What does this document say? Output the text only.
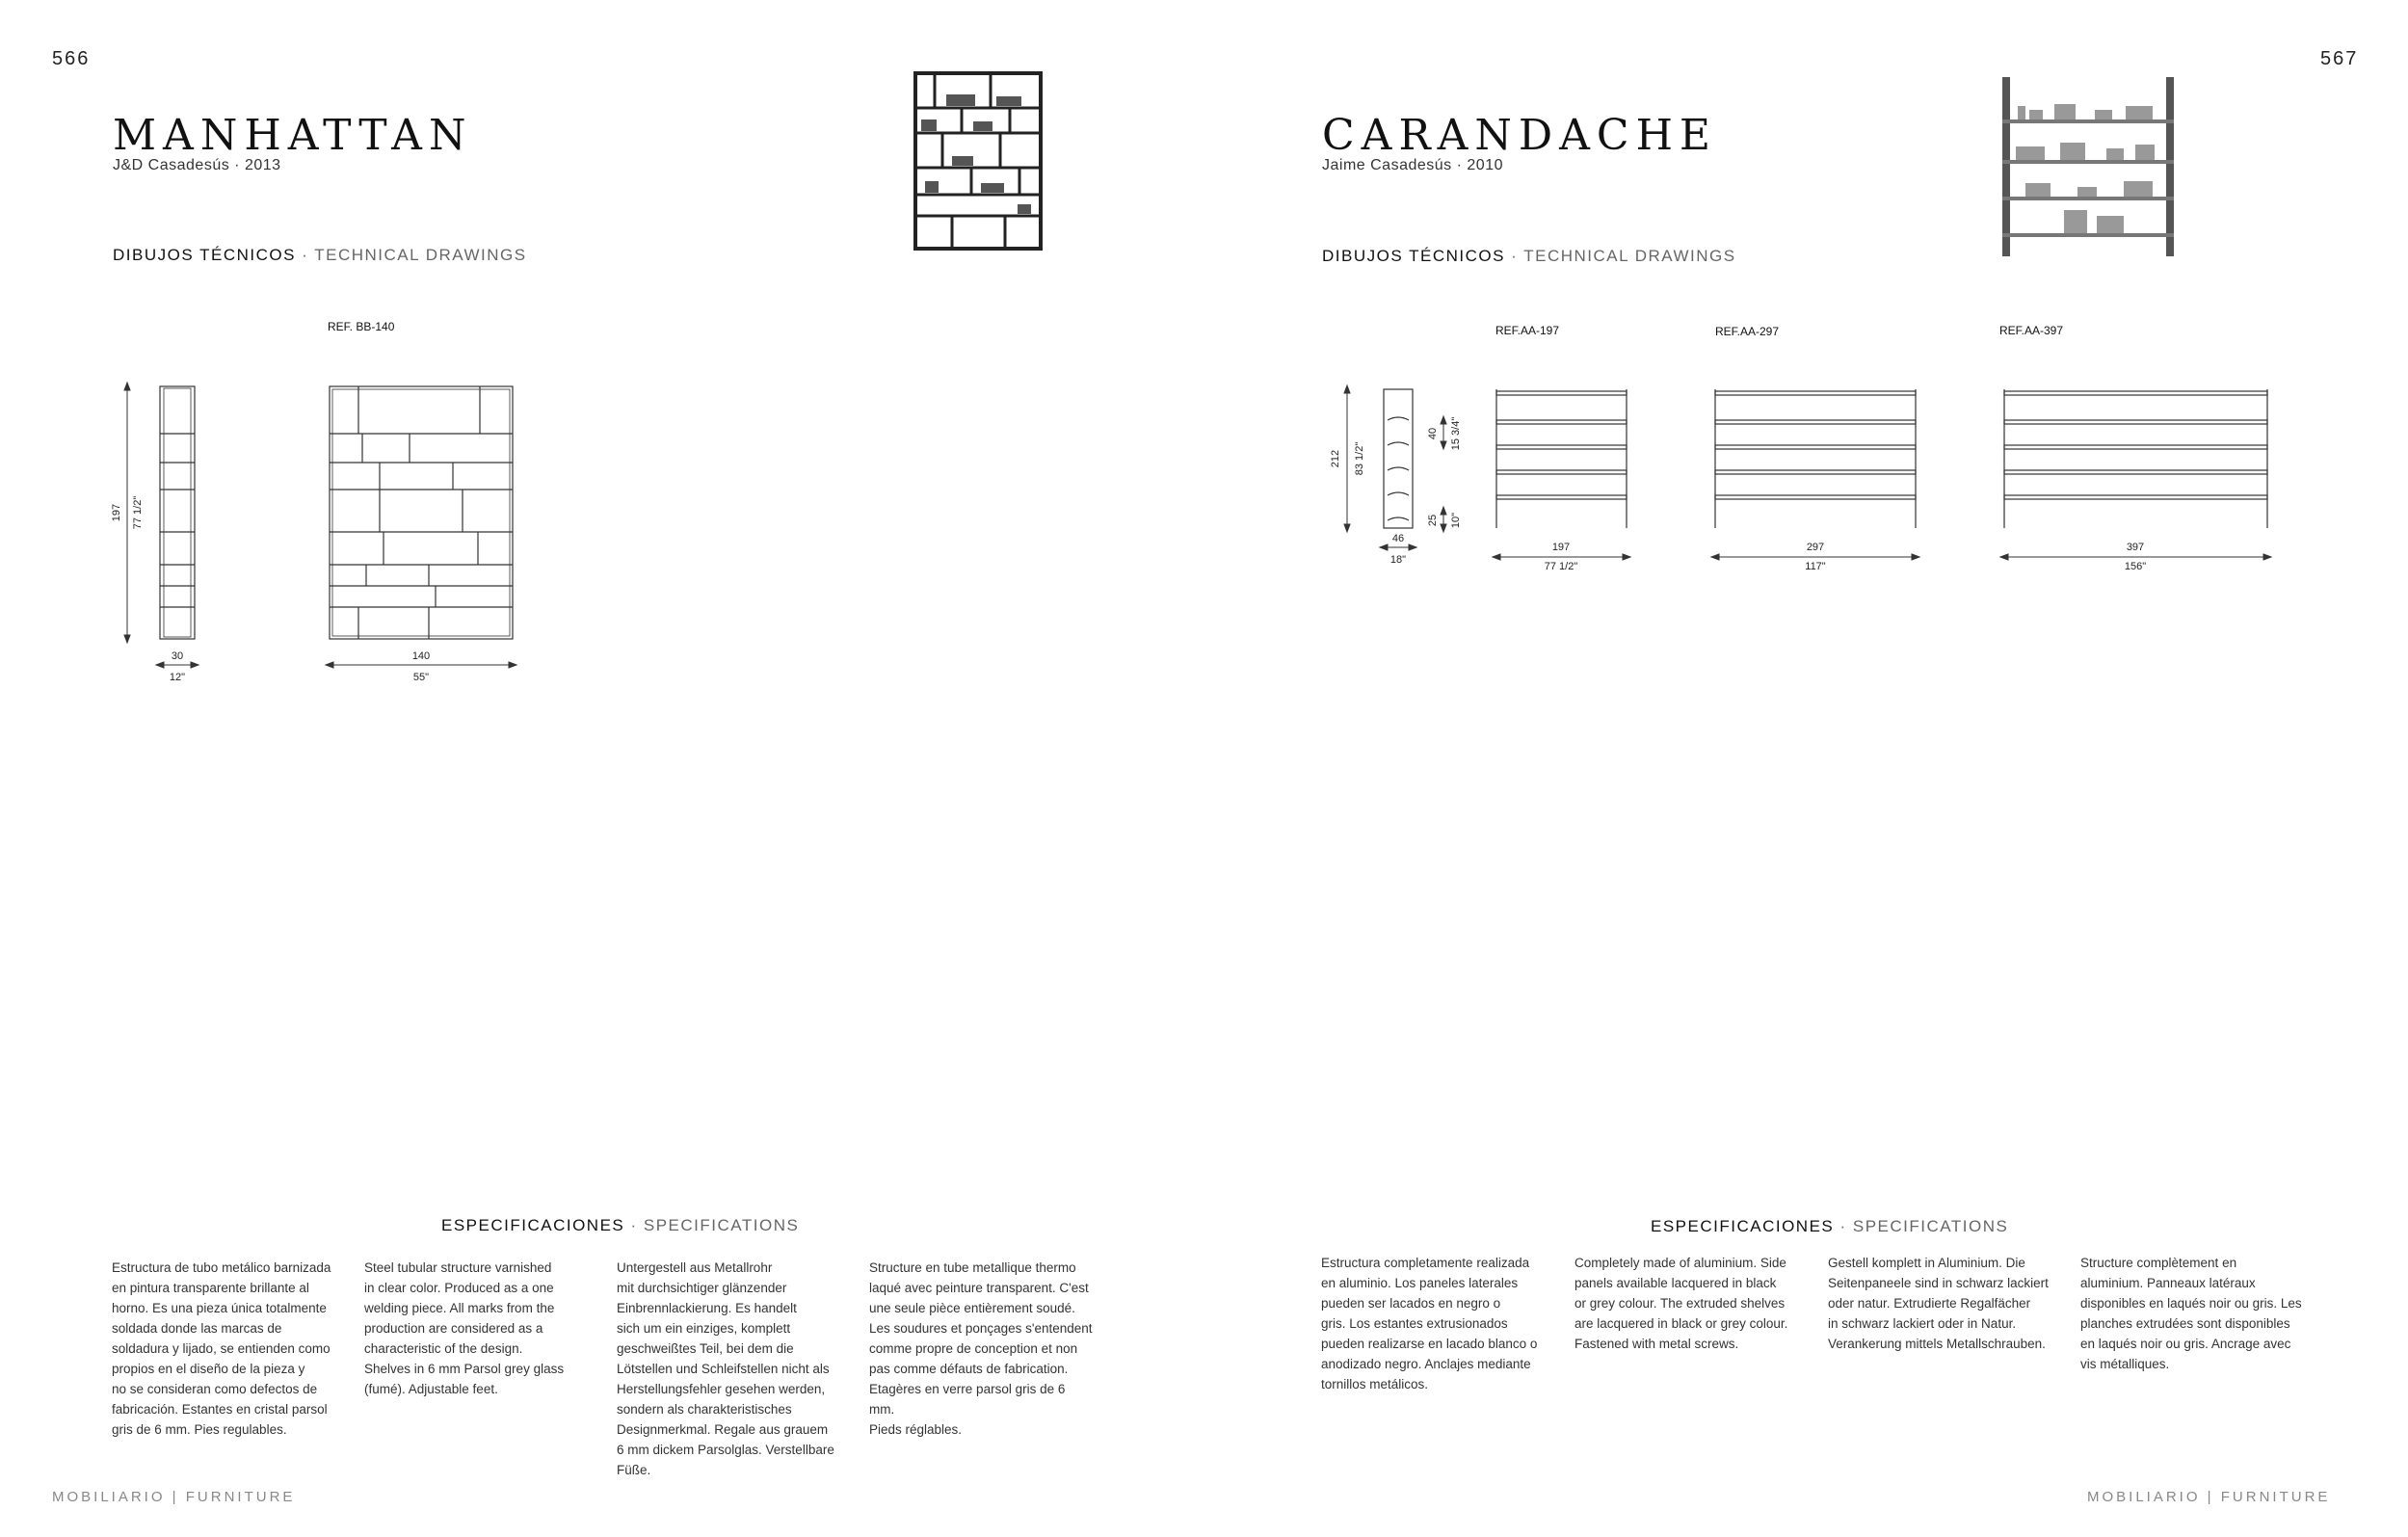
566
MANHATTAN
J&D Casadesús · 2013
DIBUJOS TÉCNICOS · TECHNICAL DRAWINGS
REF. BB-140
197 77 1/2"
30
12"
140
55"
ESPECIFICACIONES · SPECIFICATIONS
Estructura de tubo metálico barnizada
en pintura transparente brillante al
horno. Es una pieza única totalmente
soldada donde las marcas de
soldadura y lijado, se entienden como
propios en el diseño de la pieza y
no se consideran como defectos de
fabricación. Estantes en cristal parsol
gris de 6 mm. Pies regulables.
Steel tubular structure varnished
in clear color. Produced as a one
welding piece. All marks from the
production are considered as a
characteristic of the design.
Shelves in 6 mm Parsol grey glass
(fumé). Adjustable feet.
Untergestell aus Metallrohr
mit durchsichtiger glänzender
Einbrennlackierung. Es handelt
sich um ein einziges, komplett
geschweißtes Teil, bei dem die
Lötstellen und Schleifstellen nicht als
Herstellungsfehler gesehen werden,
sondern als charakteristisches
Designmerkmal. Regale aus grauem
6 mm dickem Parsolglas. Verstellbare
Füße.
Structure en tube metallique thermo
laqué avec peinture transparent. C'est
une seule pièce entièrement soudé.
Les soudures et ponçages s'entendent
comme propre de conception et non
pas comme défauts de fabrication.
Etagères en verre parsol gris de 6
mm.
Pieds réglables.
MOBILIARIO | FURNITURE
567
CARANDACHE
Jaime Casadesús · 2010
DIBUJOS TÉCNICOS · TECHNICAL DRAWINGS
REF.AA-197	REF.AA-297	REF.AA-397
212 83 1/2"
46
18"
40 15 3/4"
25 10"
197
77 1/2"
297
117"
397
156"
ESPECIFICACIONES · SPECIFICATIONS
Estructura completamente realizada
en aluminio. Los paneles laterales
pueden ser lacados en negro o
gris. Los estantes extrusionados
pueden realizarse en lacado blanco o
anodizado negro. Anclajes mediante
tornillos metálicos.
Completely made of aluminium. Side
panels available lacquered in black
or grey colour. The extruded shelves
are lacquered in black or grey colour.
Fastened with metal screws.
Gestell komplett in Aluminium. Die
Seitenpaneele sind in schwarz lackiert
oder natur. Extrudierte Regalfächer
in schwarz lackiert oder in Natur.
Verankerung mittels Metallschrauben.
Structure complètement en
aluminium. Panneaux latéraux
disponibles en laqués noir ou gris. Les
planches extrudées sont disponibles
en laqués noir ou gris. Ancrage avec
vis métalliques.
MOBILIARIO | FURNITURE
